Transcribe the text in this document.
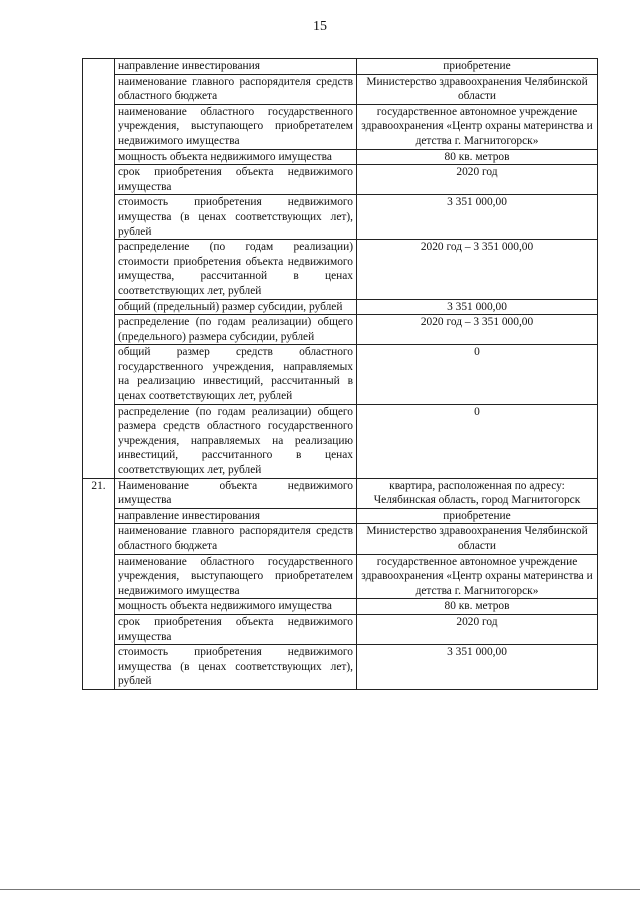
15
	направление инвестирования	приобретение
	наименование главного распорядителя средств областного бюджета	Министерство здравоохранения Челябинской области
	наименование областного государственного учреждения, выступающего приобретателем недвижимого имущества	государственное автономное учреждение здравоохранения «Центр охраны материнства и детства г. Магнитогорск»
	мощность объекта недвижимого имущества	80 кв. метров
	срок приобретения объекта недвижимого имущества	2020 год
	стоимость приобретения недвижимого имущества (в ценах соответствующих лет), рублей	3 351 000,00
	распределение (по годам реализации) стоимости приобретения объекта недвижимого имущества, рассчитанной в ценах соответствующих лет, рублей	2020 год – 3 351 000,00
	общий (предельный) размер субсидии, рублей	3 351 000,00
	распределение (по годам реализации) общего (предельного) размера субсидии, рублей	2020 год – 3 351 000,00
	общий размер средств областного государственного учреждения, направляемых на реализацию инвестиций, рассчитанный в ценах соответствующих лет, рублей	0
	распределение (по годам реализации) общего размера средств областного государственного учреждения, направляемых на реализацию инвестиций, рассчитанного в ценах соответствующих лет, рублей	0
21.	Наименование объекта недвижимого имущества	квартира, расположенная по адресу: Челябинская область, город Магнитогорск
	направление инвестирования	приобретение
	наименование главного распорядителя средств областного бюджета	Министерство здравоохранения Челябинской области
	наименование областного государственного учреждения, выступающего приобретателем недвижимого имущества	государственное автономное учреждение здравоохранения «Центр охраны материнства и детства г. Магнитогорск»
	мощность объекта недвижимого имущества	80 кв. метров
	срок приобретения объекта недвижимого имущества	2020 год
	стоимость приобретения недвижимого имущества (в ценах соответствующих лет), рублей	3 351 000,00
